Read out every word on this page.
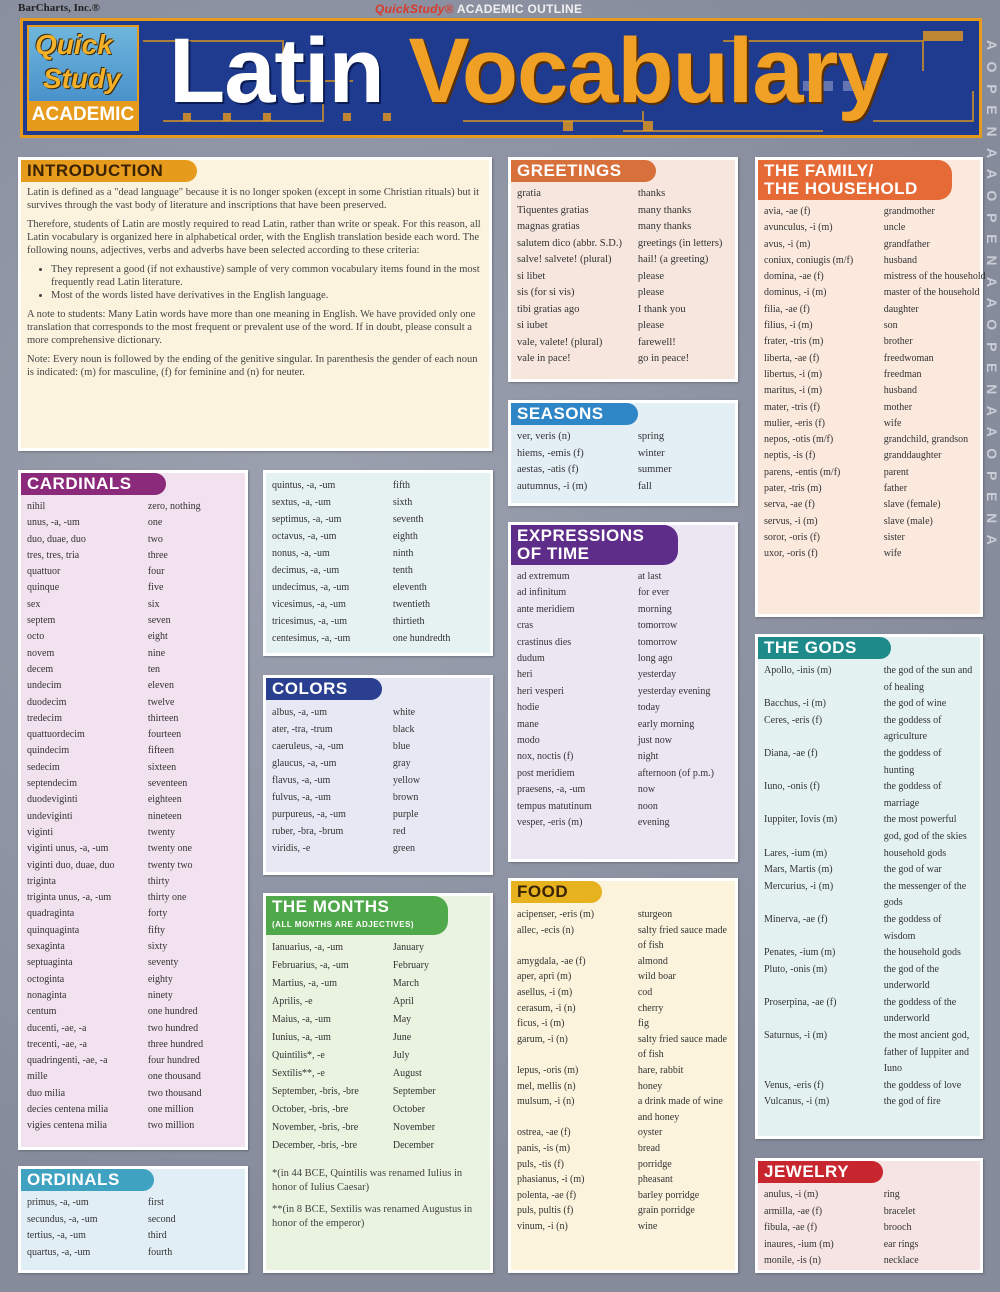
BarCharts, Inc.®	QuickStudy® ACADEMIC OUTLINE
Quick
Study
ACADEMIC Latin Vocabulary	A O P E N A A O P E N A A O P E N A A O P E N A
INTRODUCTION

Latin is defined as a "dead language" because it is no longer spoken (except in some Christian rituals) but it survives through the vast body of literature and inscriptions that have been preserved.

Therefore, students of Latin are mostly required to read Latin, rather than write or speak. For this reason, all Latin vocabulary is organized here in alphabetical order, with the English translation beside each word. The following nouns, adjectives, verbs and adverbs have been selected according to these criteria:

• They represent a good (if not exhaustive) sample of very common vocabulary items found in the most frequently read Latin literature.
• Most of the words listed have derivatives in the English language.

A note to students: Many Latin words have more than one meaning in English. We have provided only one translation that corresponds to the most frequent or prevalent use of the word. If in doubt, please consult a more comprehensive dictionary.

Note: Every noun is followed by the ending of the genitive singular. In parenthesis the gender of each noun is indicated: (m) for masculine, (f) for feminine and (n) for neuter.

GREETINGS
gratia	thanks
Tiquentes gratias	many thanks
magnas gratias	many thanks
salutem dico (abbr. S.D.)	greetings (in letters)
salve! salvete! (plural)	hail! (a greeting)
si libet	please
sis (for si vis)	please
tibi gratias ago	I thank you
si iubet	please
vale, valete! (plural)	farewell!
vale in pace!	go in peace!
THE FAMILY/
THE HOUSEHOLD
avia, -ae (f)	grandmother
avunculus, -i (m)	uncle
avus, -i (m)	grandfather
coniux, coniugis (m/f)	husband
domina, -ae (f)	mistress of the household
dominus, -i (m)	master of the household
filia, -ae (f)	daughter
filius, -i (m)	son
frater, -tris (m)	brother
liberta, -ae (f)	freedwoman
libertus, -i (m)	freedman
maritus, -i (m)	husband
mater, -tris (f)	mother
mulier, -eris (f)	wife
nepos, -otis (m/f)	grandchild, grandson
neptis, -is (f)	granddaughter
parens, -entis (m/f)	parent
pater, -tris (m)	father
serva, -ae (f)	slave (female)
servus, -i (m)	slave (male)
soror, -oris (f)	sister
uxor, -oris (f)	wife
CARDINALS
nihil	zero, nothing
unus, -a, -um	one
duo, duae, duo	two
tres, tres, tria	three
quattuor	four
quinque	five
sex	six
septem	seven
octo	eight
novem	nine
decem	ten
undecim	eleven
duodecim	twelve
tredecim	thirteen
quattuordecim	fourteen
quindecim	fifteen
sedecim	sixteen
septendecim	seventeen
duodeviginti	eighteen
undeviginti	nineteen
viginti	twenty
viginti unus, -a, -um	twenty one
viginti duo, duae, duo	twenty two
triginta	thirty
triginta unus, -a, -um	thirty one
quadraginta	forty
quinquaginta	fifty
sexaginta	sixty
septuaginta	seventy
octoginta	eighty
nonaginta	ninety
centum	one hundred
ducenti, -ae, -a	two hundred
trecenti, -ae, -a	three hundred
quadringenti, -ae, -a	four hundred
mille	one thousand
duo milia	two thousand
decies centena milia	one million
vigies centena milia	two million
quintus, -a, -um	fifth
sextus, -a, -um	sixth
septimus, -a, -um	seventh
octavus, -a, -um	eighth
nonus, -a, -um	ninth
decimus, -a, -um	tenth
undecimus, -a, -um	eleventh
vicesimus, -a, -um	twentieth
tricesimus, -a, -um	thirtieth
centesimus, -a, -um	one hundredth
SEASONS
ver, veris (n)	spring
hiems, -emis (f)	winter
aestas, -atis (f)	summer
autumnus, -i (m)	fall
EXPRESSIONS
OF TIME
ad extremum	at last
ad infinitum	for ever
ante meridiem	morning
cras	tomorrow
crastinus dies	tomorrow
dudum	long ago
heri	yesterday
heri vesperi	yesterday evening
hodie	today
mane	early morning
modo	just now
nox, noctis (f)	night
post meridiem	afternoon (of p.m.)
praesens, -a, -um	now
tempus matutinum	noon
vesper, -eris (m)	evening
COLORS
albus, -a, -um	white
ater, -tra, -trum	black
caeruleus, -a, -um	blue
glaucus, -a, -um	gray
flavus, -a, -um	yellow
fulvus, -a, -um	brown
purpureus, -a, -um	purple
ruber, -bra, -brum	red
viridis, -e	green
THE GODS
Apollo, -inis (m)	the god of the sun and of healing
Bacchus, -i (m)	the god of wine
Ceres, -eris (f)	the goddess of agriculture
Diana, -ae (f)	the goddess of hunting
Iuno, -onis (f)	the goddess of marriage
Iuppiter, Iovis (m)	the most powerful god, god of the skies
Lares, -ium (m)	household gods
Mars, Martis (m)	the god of war
Mercurius, -i (m)	the messenger of the gods
Minerva, -ae (f)	the goddess of wisdom
Penates, -ium (m)	the household gods
Pluto, -onis (m)	the god of the underworld
Proserpina, -ae (f)	the goddess of the underworld
Saturnus, -i (m)	the most ancient god, father of Iuppiter and Iuno
Venus, -eris (f)	the goddess of love
Vulcanus, -i (m)	the god of fire
THE MONTHS
(ALL MONTHS ARE ADJECTIVES)
Ianuarius, -a, -um	January
Februarius, -a, -um	February
Martius, -a, -um	March
Aprilis, -e	April
Maius, -a, -um	May
Iunius, -a, -um	June
Quintilis*, -e	July
Sextilis**, -e	August
September, -bris, -bre	September
October, -bris, -bre	October
November, -bris, -bre	November
December, -bris, -bre	December
*(in 44 BCE, Quintilis was renamed Iulius in honor of Iulius Caesar)
**(in 8 BCE, Sextilis was renamed Augustus in honor of the emperor)
FOOD
acipenser, -eris (m)	sturgeon
allec, -ecis (n)	salty fried sauce made of fish
amygdala, -ae (f)	almond
aper, apri (m)	wild boar
asellus, -i (m)	cod
cerasum, -i (n)	cherry
ficus, -i (m)	fig
garum, -i (n)	salty fried sauce made of fish
lepus, -oris (m)	hare, rabbit
mel, mellis (n)	honey
mulsum, -i (n)	a drink made of wine and honey
ostrea, -ae (f)	oyster
panis, -is (m)	bread
puls, -tis (f)	porridge
phasianus, -i (m)	pheasant
polenta, -ae (f)	barley porridge
puls, pultis (f)	grain porridge
vinum, -i (n)	wine
JEWELRY
anulus, -i (m)	ring
armilla, -ae (f)	bracelet
fibula, -ae (f)	brooch
inaures, -ium (m)	ear rings
monile, -is (n)	necklace
ORDINALS
primus, -a, -um	first
secundus, -a, -um	second
tertius, -a, -um	third
quartus, -a, -um	fourth
